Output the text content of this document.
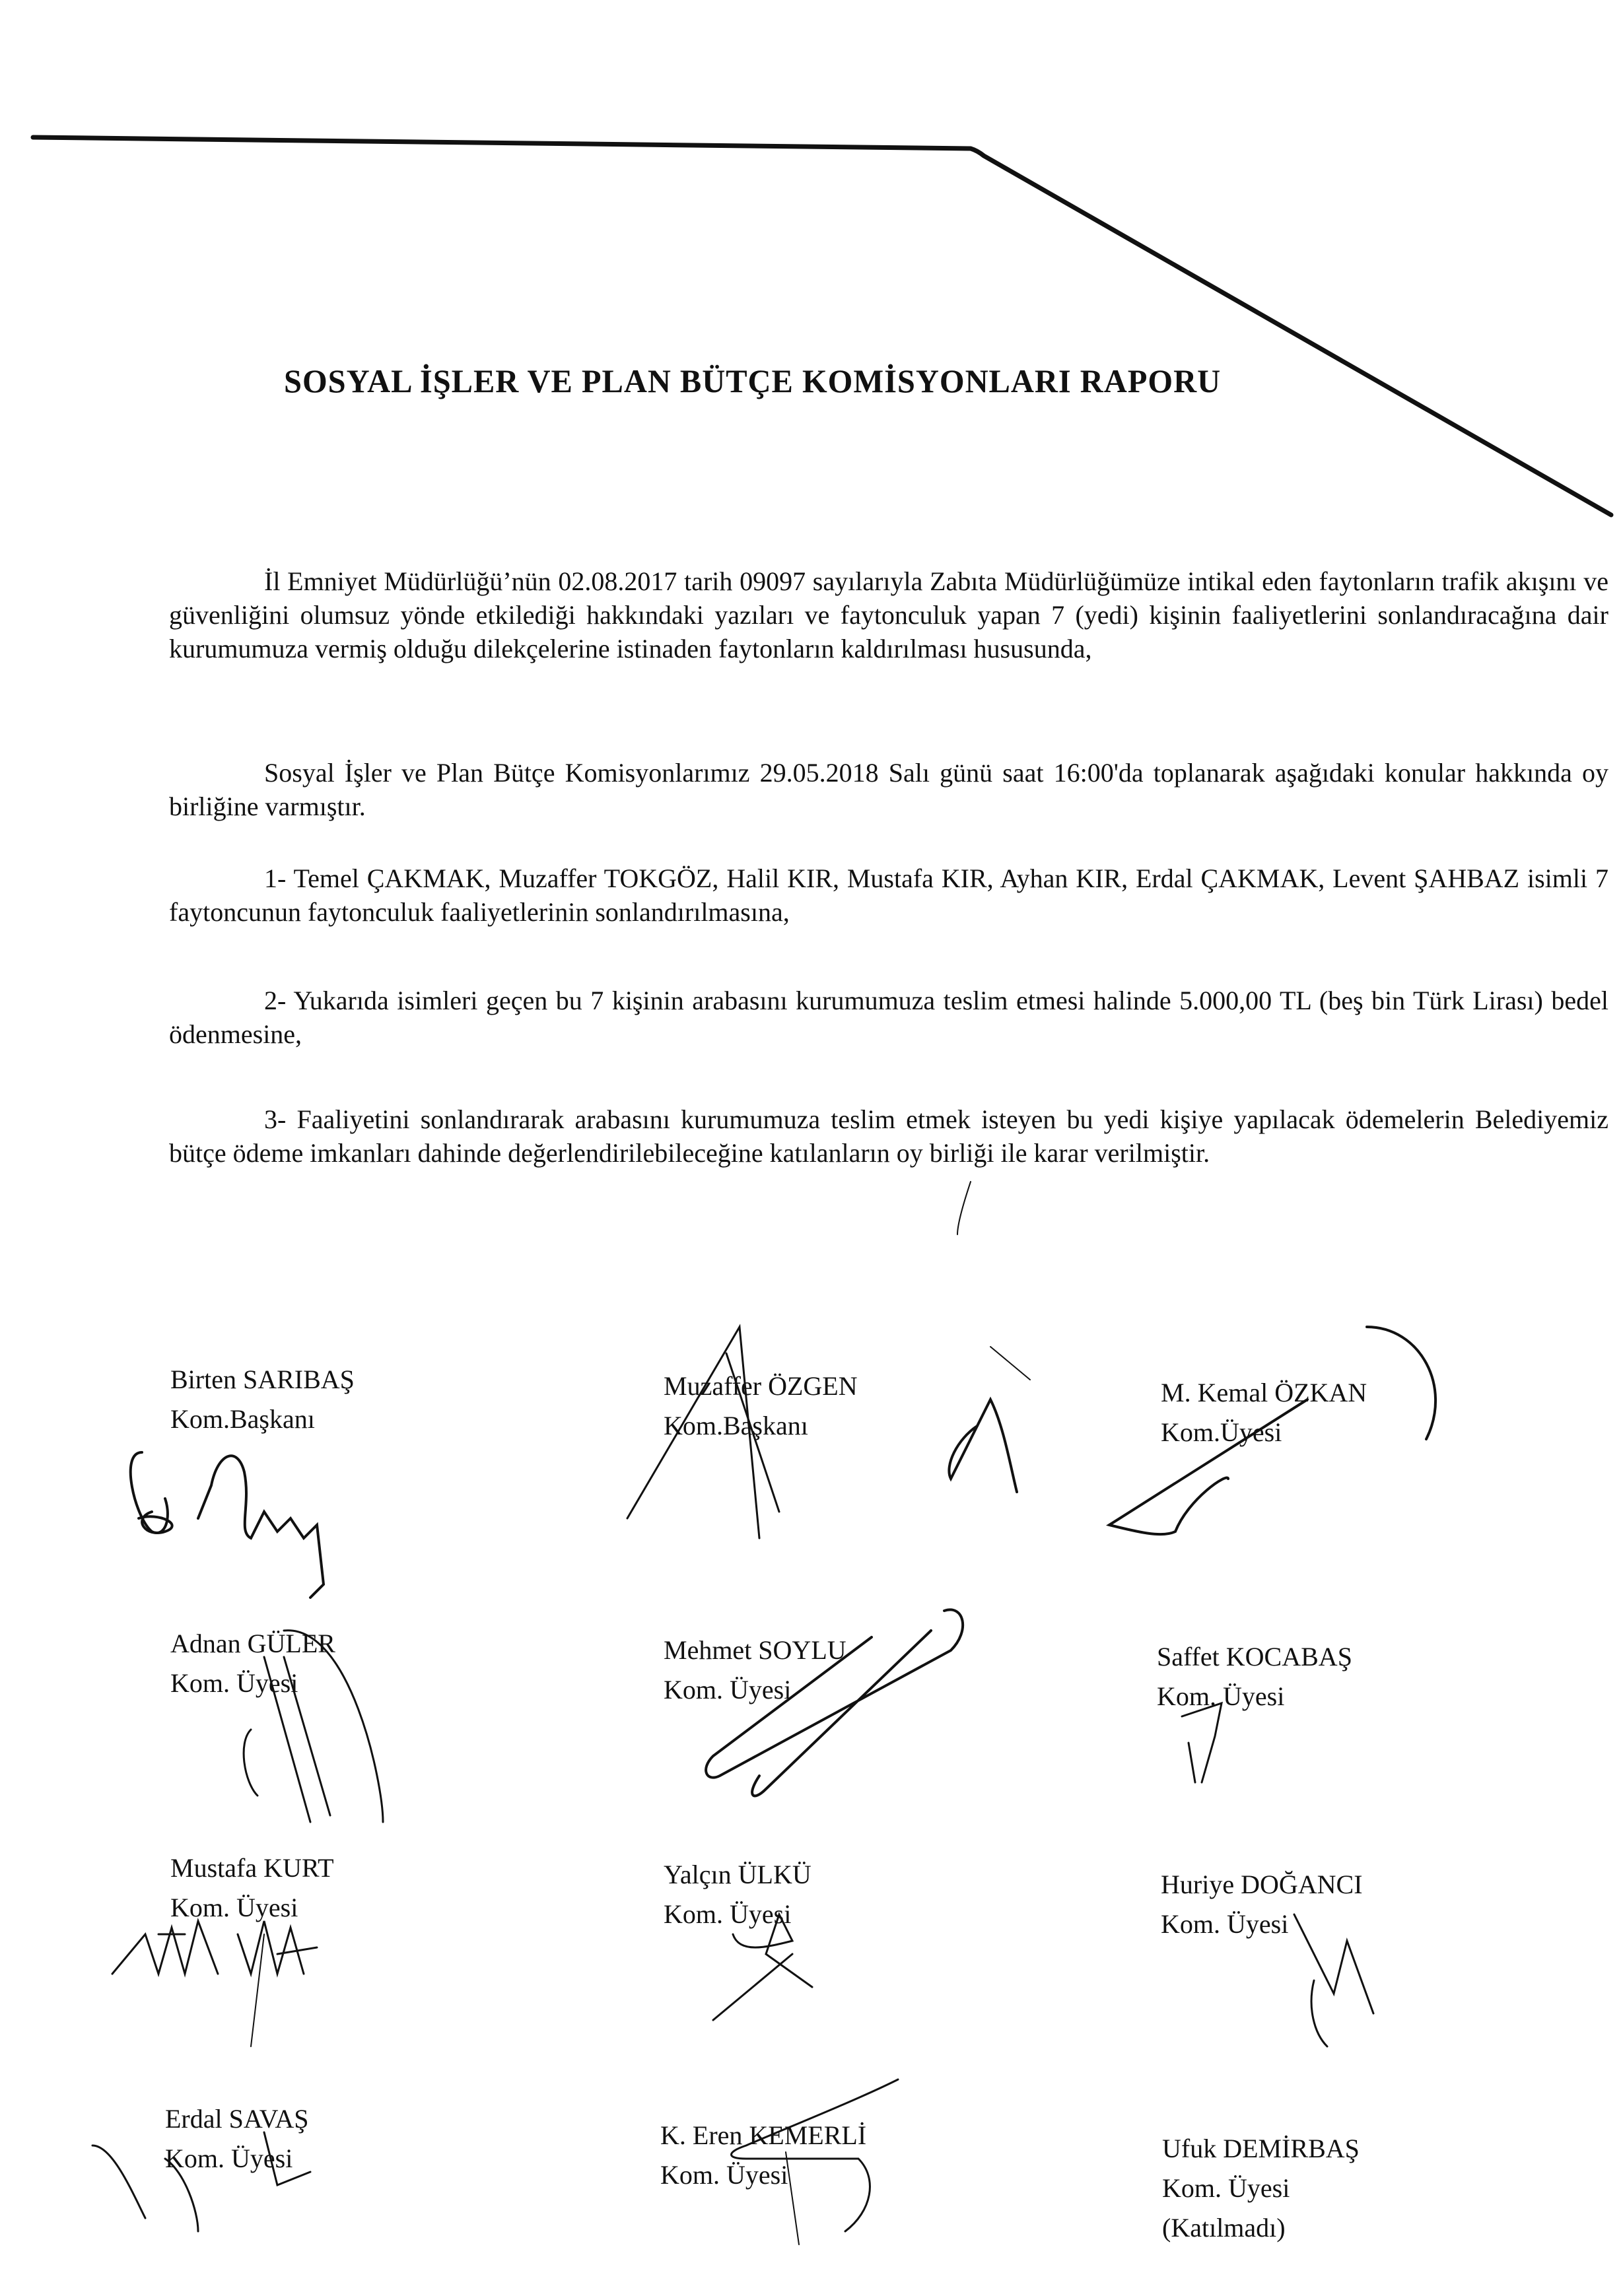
SOSYAL İŞLER VE PLAN BÜTÇE KOMİSYONLARI RAPORU

İl Emniyet Müdürlüğü’nün 02.08.2017 tarih 09097 sayılarıyla Zabıta Müdürlüğümüze intikal eden faytonların trafik akışını ve güvenliğini olumsuz yönde etkilediği hakkındaki yazıları ve faytonculuk yapan 7 (yedi) kişinin faaliyetlerini sonlandıracağına dair kurumumuza vermiş olduğu dilekçelerine istinaden faytonların kaldırılması hususunda,

Sosyal İşler ve Plan Bütçe Komisyonlarımız 29.05.2018 Salı günü saat 16:00'da toplanarak aşağıdaki konular hakkında oy birliğine varmıştır.

1- Temel ÇAKMAK, Muzaffer TOKGÖZ, Halil KIR, Mustafa KIR, Ayhan KIR, Erdal ÇAKMAK, Levent ŞAHBAZ isimli 7 faytoncunun faytonculuk faaliyetlerinin sonlandırılmasına,

2- Yukarıda isimleri geçen bu 7 kişinin arabasını kurumumuza teslim etmesi halinde 5.000,00 TL (beş bin Türk Lirası) bedel ödenmesine,

3- Faaliyetini sonlandırarak arabasını kurumumuza teslim etmek isteyen bu yedi kişiye yapılacak ödemelerin Belediyemiz bütçe ödeme imkanları dahinde değerlendirilebileceğine katılanların oy birliği ile karar verilmiştir.

Birten SARIBAŞ
Kom.Başkanı
Muzaffer ÖZGEN
Kom.Başkanı
M. Kemal ÖZKAN
Kom.Üyesi
Adnan GÜLER
Kom. Üyesi
Mehmet SOYLU
Kom. Üyesi
Saffet KOCABAŞ
Kom. Üyesi
Mustafa KURT
Kom. Üyesi
Yalçın ÜLKÜ
Kom. Üyesi
Huriye DOĞANCI
Kom. Üyesi
Erdal SAVAŞ
Kom. Üyesi
K. Eren KEMERLİ
Kom. Üyesi
Ufuk DEMİRBAŞ
Kom. Üyesi
(Katılmadı)
